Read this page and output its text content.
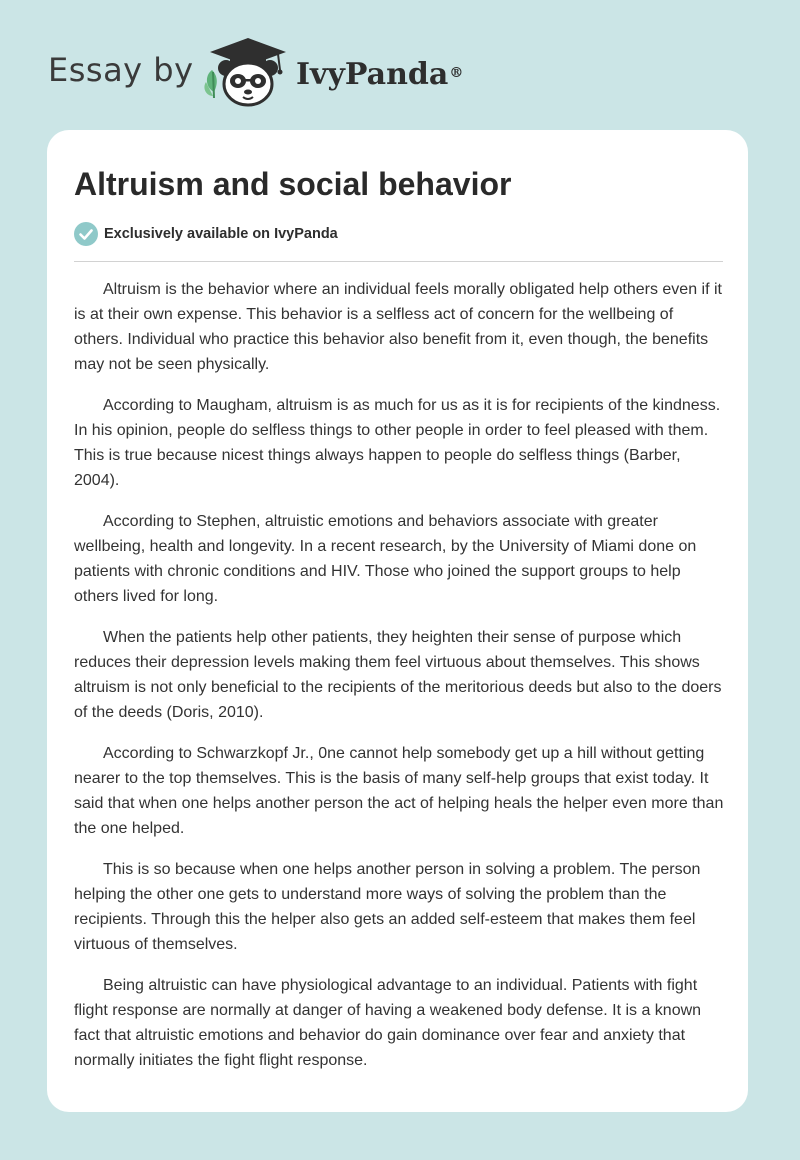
Essay by	IvyPanda®
Altruism and social behavior
Exclusively available on IvyPanda

Altruism is the behavior where an individual feels morally obligated help others even if it is at their own expense. This behavior is a selfless act of concern for the wellbeing of others. Individual who practice this behavior also benefit from it, even though, the benefits may not be seen physically.

According to Maugham, altruism is as much for us as it is for recipients of the kindness. In his opinion, people do selfless things to other people in order to feel pleased with them. This is true because nicest things always happen to people do selfless things (Barber, 2004).

According to Stephen, altruistic emotions and behaviors associate with greater wellbeing, health and longevity. In a recent research, by the University of Miami done on patients with chronic conditions and HIV. Those who joined the support groups to help others lived for long.

When the patients help other patients, they heighten their sense of purpose which reduces their depression levels making them feel virtuous about themselves. This shows altruism is not only beneficial to the recipients of the meritorious deeds but also to the doers of the deeds (Doris, 2010).

According to Schwarzkopf Jr., 0ne cannot help somebody get up a hill without getting nearer to the top themselves. This is the basis of many self-help groups that exist today. It said that when one helps another person the act of helping heals the helper even more than the one helped.

This is so because when one helps another person in solving a problem. The person helping the other one gets to understand more ways of solving the problem than the recipients. Through this the helper also gets an added self-esteem that makes them feel virtuous of themselves.

Being altruistic can have physiological advantage to an individual. Patients with fight flight response are normally at danger of having a weakened body defense. It is a known fact that altruistic emotions and behavior do gain dominance over fear and anxiety that normally initiates the fight flight response.
